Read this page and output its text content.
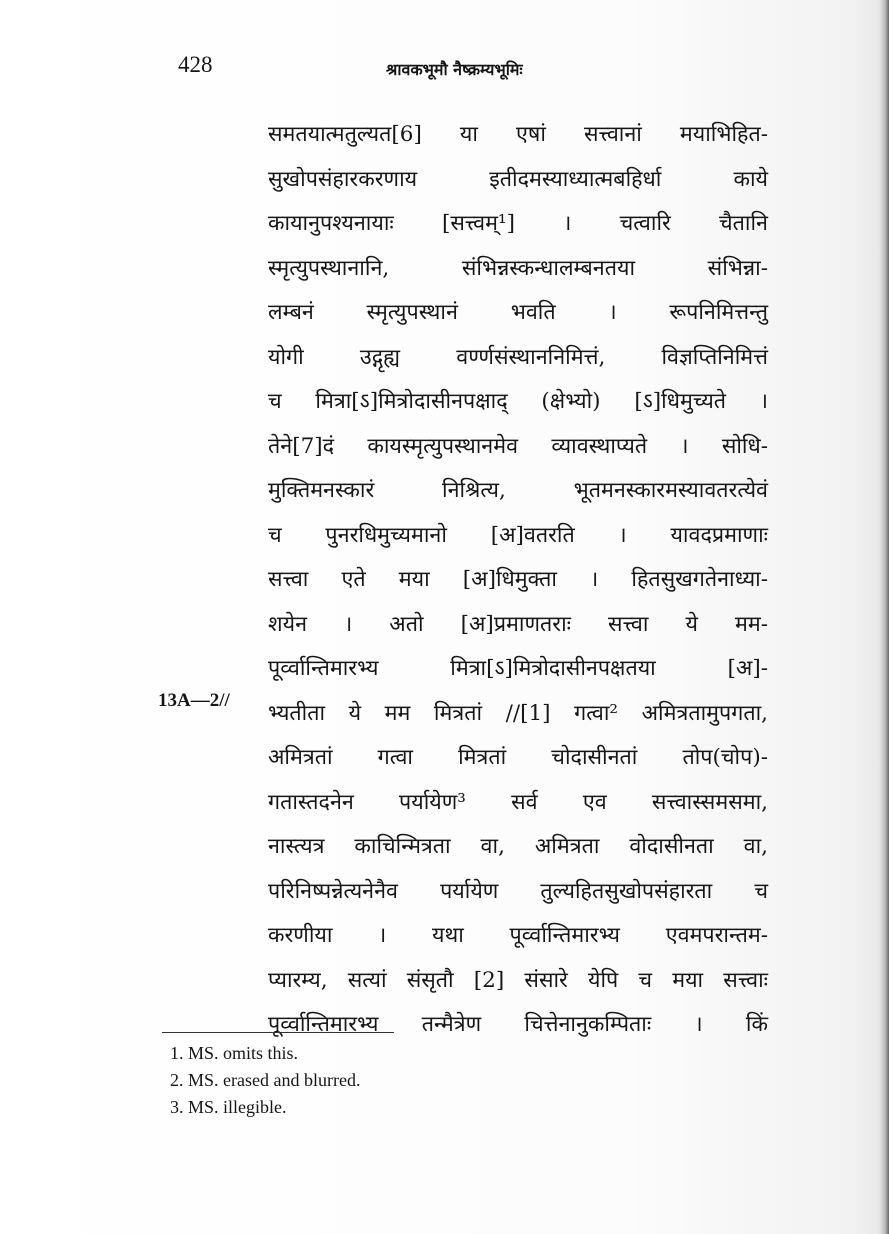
428	श्रावकभूमौ नैष्क्रम्यभूमिः
13A—2//
समतयात्मतुल्यत[6] या एषां सत्त्वानां मयाभिहित-
सुखोपसंहारकरणाय इतीदमस्याध्यात्मबहिर्धा काये
कायानुपश्यनायाः [सत्त्वम्¹] । चत्वारि चैतानि
स्मृत्युपस्थानानि, संभिन्नस्कन्धालम्बनतया संभिन्ना-
लम्बनं स्मृत्युपस्थानं भवति । रूपनिमित्तन्तु
योगी उद्गृह्य वर्ण्णसंस्थाननिमित्तं, विज्ञप्तिनिमित्तं
च मित्रा[ऽ]मित्रोदासीनपक्षाद् (क्षेभ्यो) [ऽ]धिमुच्यते ।
तेने[7]दं कायस्मृत्युपस्थानमेव व्यावस्थाप्यते । सोधि-
मुक्तिमनस्कारं निश्रित्य, भूतमनस्कारमस्यावतरत्येवं
च पुनरधिमुच्यमानो [अ]वतरति । यावदप्रमाणाः
सत्त्वा एते मया [अ]धिमुक्ता । हितसुखगतेनाध्या-
शयेन । अतो [अ]प्रमाणतराः सत्त्वा ये मम-
पूर्व्वान्तिमारभ्य मित्रा[ऽ]मित्रोदासीनपक्षतया [अ]-
भ्यतीता ये मम मित्रतां //[1] गत्वा² अमित्रतामुपगता,
अमित्रतां गत्वा मित्रतां चोदासीनतां तोप(चोप)-
गतास्तदनेन पर्यायेण³ सर्व एव सत्त्वास्समसमा,
नास्त्यत्र काचिन्मित्रता वा, अमित्रता वोदासीनता वा,
परिनिष्पन्नेत्यनेनैव पर्यायेण तुल्यहितसुखोपसंहारता च
करणीया । यथा पूर्व्वान्तिमारभ्य एवमपरान्तम-
प्यारम्य, सत्यां संसृतौ [2] संसारे येपि च मया सत्त्वाः
पूर्व्वान्तिमारभ्य तन्मैत्रेण चित्तेनानुकम्पिताः । किं
1. MS. omits this.
2. MS. erased and blurred.
3. MS. illegible.
